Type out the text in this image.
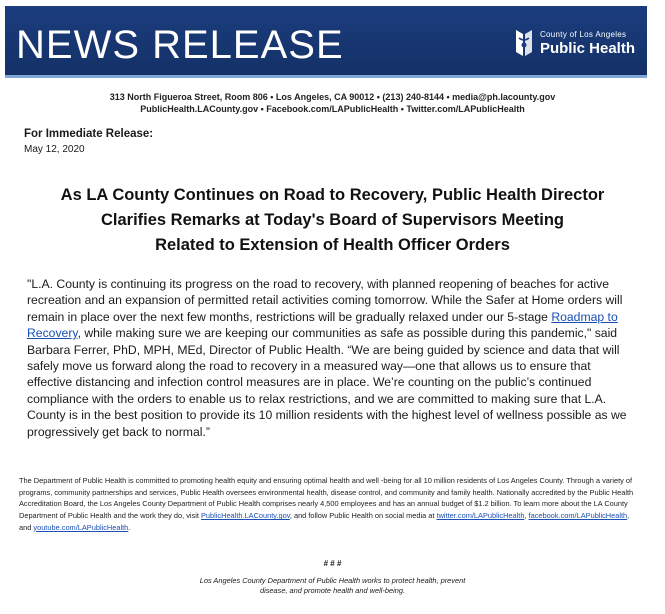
NEWS RELEASE	County of Los Angeles
Public Health
313 North Figueroa Street, Room 806 • Los Angeles, CA 90012 • (213) 240-8144 • media@ph.lacounty.gov
PublicHealth.LACounty.gov • Facebook.com/LAPublicHealth • Twitter.com/LAPublicHealth
For Immediate Release:
May 12, 2020
As LA County Continues on Road to Recovery, Public Health Director
Clarifies Remarks at Today's Board of Supervisors Meeting
Related to Extension of Health Officer Orders
"L.A. County is continuing its progress on the road to recovery, with planned reopening of beaches for active recreation and an expansion of permitted retail activities coming tomorrow. While the Safer at Home orders will remain in place over the next few months, restrictions will be gradually relaxed under our 5-stage Roadmap to Recovery, while making sure we are keeping our communities as safe as possible during this pandemic," said Barbara Ferrer, PhD, MPH, MEd, Director of Public Health. “We are being guided by science and data that will safely move us forward along the road to recovery in a measured way—one that allows us to ensure that effective distancing and infection control measures are in place. We’re counting on the public’s continued compliance with the orders to enable us to relax restrictions, and we are committed to making sure that L.A. County is in the best position to provide its 10 million residents with the highest level of wellness possible as we progressively get back to normal.”
The Department of Public Health is committed to promoting health equity and ensuring optimal health and well -being for all 10 million residents of Los Angeles County. Through a variety of programs, community partnerships and services, Public Health oversees environmental health, disease control, and community and family health. Nationally accredited by the Public Health Accreditation Board, the Los Angeles County Department of Public Health comprises nearly 4,500 employees and has an annual budget of $1.2 billion. To learn more about the LA County Department of Public Health and the work they do, visit PublicHealth.LACounty.gov, and follow Public Health on social media at twitter.com/LAPublicHealth, facebook.com/LAPublicHealth, and youtube.com/LAPublicHealth.
# # #
Los Angeles County Department of Public Health works to protect health, prevent
disease, and promote health and well-being.
